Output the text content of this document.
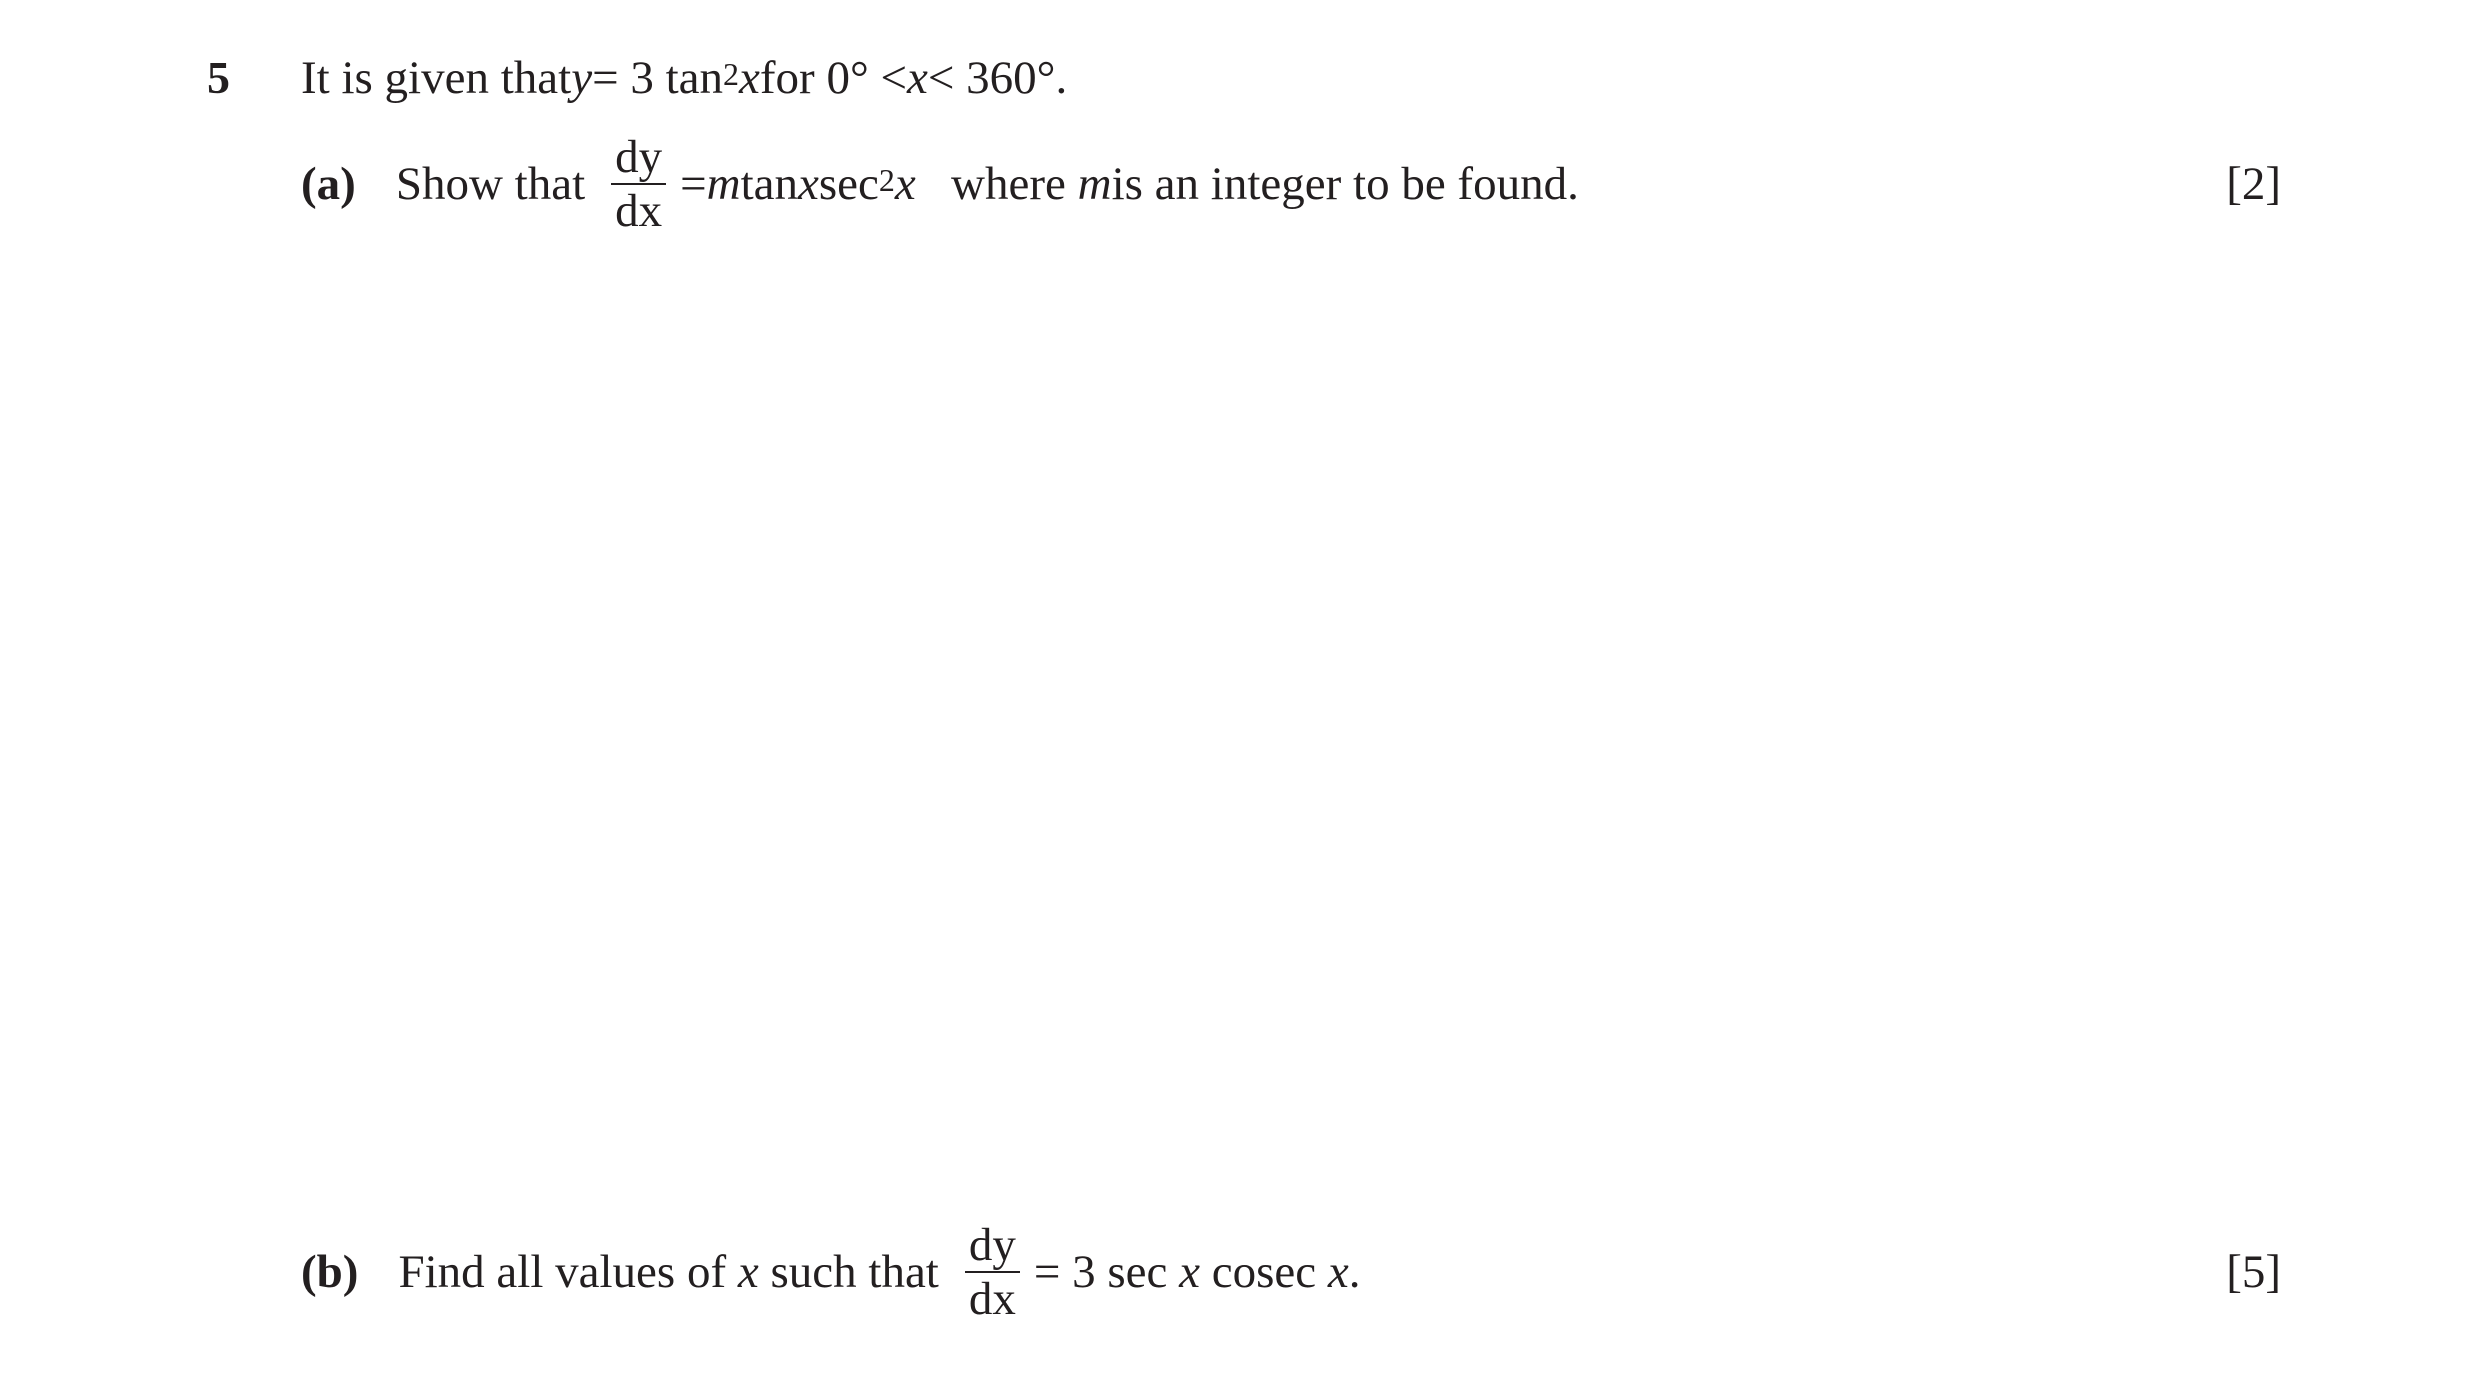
5 It is given that y = 3 $\tan^2 x$ for 0° < x < 360°.
(a) Show that $\frac{dy}{dx} = m$ tan x $\sec^2 x$ where m is an integer to be found.	[2]
(b) Find all values of x such that $\frac{dy}{dx} = 3$ sec x cosec x .	[5]
